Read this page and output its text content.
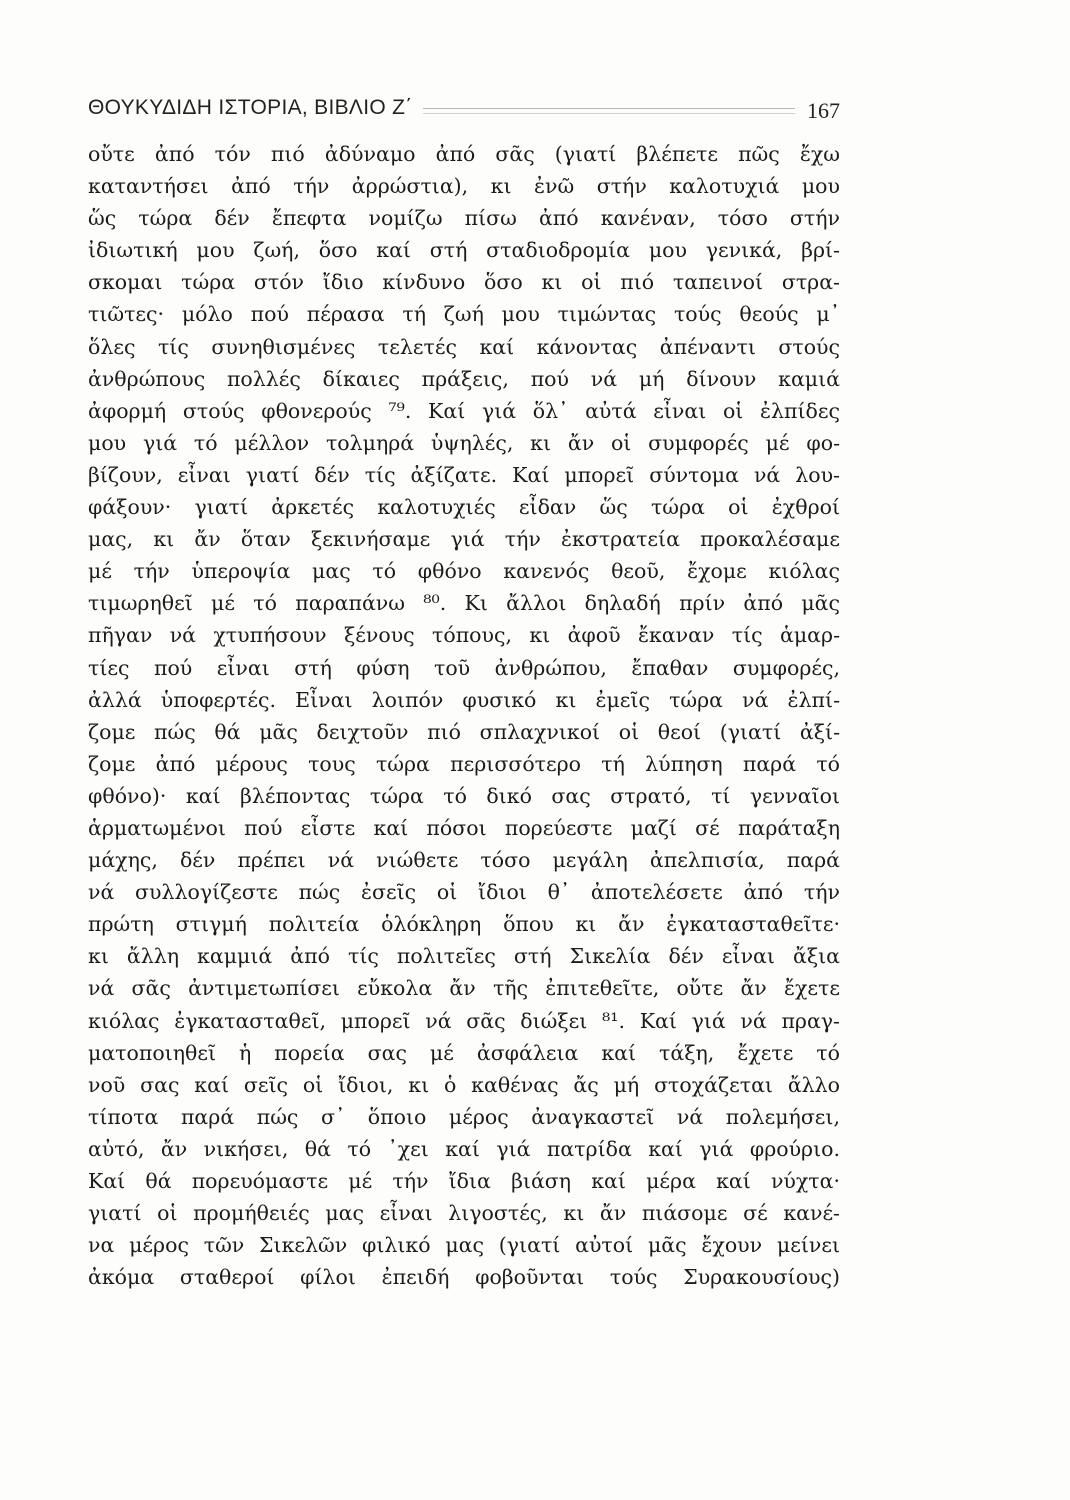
ΘΟΥΚΥΔΙΔΗ ΙΣΤΟΡΙΑ, ΒΙΒΛΙΟ Ζ΄	167
οὔτε ἀπό τόν πιό ἀδύναμο ἀπό σᾶς (γιατί βλέπετε πῶς ἔχω
καταντήσει ἀπό τήν ἀρρώστια), κι ἐνῶ στήν καλοτυχιά μου
ὥς τώρα δέν ἔπεφτα νομίζω πίσω ἀπό κανέναν, τόσο στήν
ἰδιωτική μου ζωή, ὅσο καί στή σταδιοδρομία μου γενικά, βρί-
σκομαι τώρα στόν ἴδιο κίνδυνο ὅσο κι οἱ πιό ταπεινοί στρα-
τιῶτες· μόλο πού πέρασα τή ζωή μου τιμώντας τούς θεούς μ᾿
ὅλες τίς συνηθισμένες τελετές καί κάνοντας ἀπέναντι στούς
ἀνθρώπους πολλές δίκαιες πράξεις, πού νά μή δίνουν καμιά
ἀφορμή στούς φθονερούς ⁷⁹. Καί γιά ὅλ᾿ αὐτά εἶναι οἱ ἐλπίδες
μου γιά τό μέλλον τολμηρά ὑψηλές, κι ἄν οἱ συμφορές μέ φο-
βίζουν, εἶναι γιατί δέν τίς ἀξίζατε. Καί μπορεῖ σύντομα νά λου-
φάξουν· γιατί ἀρκετές καλοτυχιές εἶδαν ὥς τώρα οἱ ἐχθροί
μας, κι ἄν ὅταν ξεκινήσαμε γιά τήν ἐκστρατεία προκαλέσαμε
μέ τήν ὑπεροψία μας τό φθόνο κανενός θεοῦ, ἔχομε κιόλας
τιμωρηθεῖ μέ τό παραπάνω ⁸⁰. Κι ἄλλοι δηλαδή πρίν ἀπό μᾶς
πῆγαν νά χτυπήσουν ξένους τόπους, κι ἀφοῦ ἔκαναν τίς ἁμαρ-
τίες πού εἶναι στή φύση τοῦ ἀνθρώπου, ἔπαθαν συμφορές,
ἀλλά ὑποφερτές. Εἶναι λοιπόν φυσικό κι ἐμεῖς τώρα νά ἐλπί-
ζομε πώς θά μᾶς δειχτοῦν πιό σπλαχνικοί οἱ θεοί (γιατί ἀξί-
ζομε ἀπό μέρους τους τώρα περισσότερο τή λύπηση παρά τό
φθόνο)· καί βλέποντας τώρα τό δικό σας στρατό, τί γενναῖοι
ἁρματωμένοι πού εἶστε καί πόσοι πορεύεστε μαζί σέ παράταξη
μάχης, δέν πρέπει νά νιώθετε τόσο μεγάλη ἀπελπισία, παρά
νά συλλογίζεστε πώς ἐσεῖς οἱ ἴδιοι θ᾿ ἀποτελέσετε ἀπό τήν
πρώτη στιγμή πολιτεία ὁλόκληρη ὅπου κι ἄν ἐγκατασταθεῖτε·
κι ἄλλη καμμιά ἀπό τίς πολιτεῖες στή Σικελία δέν εἶναι ἄξια
νά σᾶς ἀντιμετωπίσει εὔκολα ἄν τῆς ἐπιτεθεῖτε, οὔτε ἄν ἔχετε
κιόλας ἐγκατασταθεῖ, μπορεῖ νά σᾶς διώξει ⁸¹. Καί γιά νά πραγ-
ματοποιηθεῖ ἡ πορεία σας μέ ἀσφάλεια καί τάξη, ἔχετε τό
νοῦ σας καί σεῖς οἱ ἴδιοι, κι ὁ καθένας ἄς μή στοχάζεται ἄλλο
τίποτα παρά πώς σ᾿ ὅποιο μέρος ἀναγκαστεῖ νά πολεμήσει,
αὐτό, ἄν νικήσει, θά τό ᾿χει καί γιά πατρίδα καί γιά φρούριο.
Καί θά πορευόμαστε μέ τήν ἴδια βιάση καί μέρα καί νύχτα·
γιατί οἱ προμήθειές μας εἶναι λιγοστές, κι ἄν πιάσομε σέ κανέ-
να μέρος τῶν Σικελῶν φιλικό μας (γιατί αὐτοί μᾶς ἔχουν μείνει
ἀκόμα σταθεροί φίλοι ἐπειδή φοβοῦνται τούς Συρακουσίους)
